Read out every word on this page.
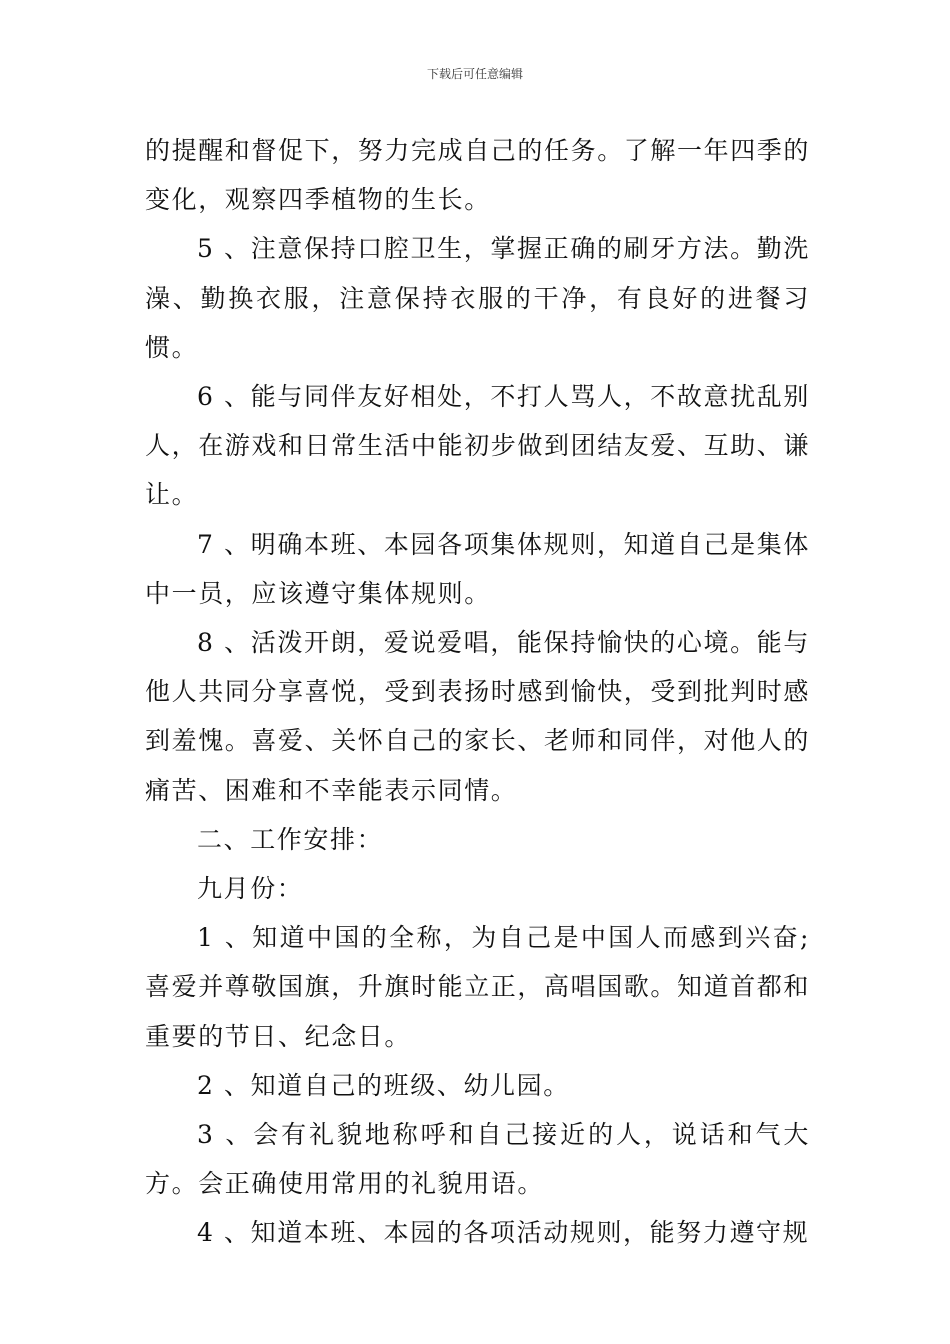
下载后可任意编辑

的提醒和督促下，努力完成自己的任务。了解一年四季的变化，观察四季植物的生长。

5 、注意保持口腔卫生，掌握正确的刷牙方法。勤洗澡、勤换衣服，注意保持衣服的干净，有良好的进餐习惯。

6 、能与同伴友好相处，不打人骂人，不故意扰乱别人，在游戏和日常生活中能初步做到团结友爱、互助、谦让。

7 、明确本班、本园各项集体规则，知道自己是集体中一员，应该遵守集体规则。

8 、活泼开朗，爱说爱唱，能保持愉快的心境。能与他人共同分享喜悦，受到表扬时感到愉快，受到批判时感到羞愧。喜爱、关怀自己的家长、老师和同伴，对他人的痛苦、困难和不幸能表示同情。

二、工作安排：

九月份：

1 、知道中国的全称，为自己是中国人而感到兴奋;喜爱并尊敬国旗，升旗时能立正，高唱国歌。知道首都和重要的节日、纪念日。

2 、知道自己的班级、幼儿园。

3 、会有礼貌地称呼和自己接近的人，说话和气大方。会正确使用常用的礼貌用语。

4 、知道本班、本园的各项活动规则，能努力遵守规
